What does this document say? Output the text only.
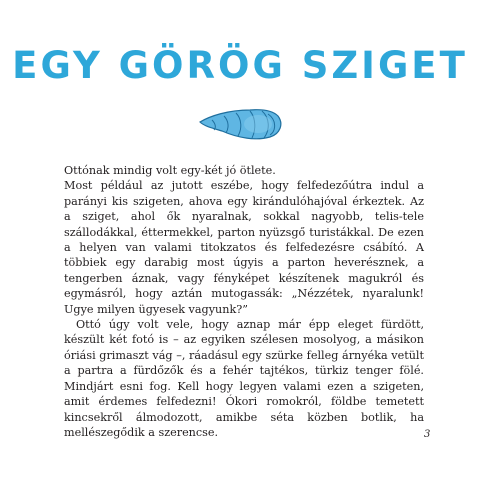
EGY GÖRÖG SZIGET

Ottónak mindig volt egy-két jó ötlete.

Most például az jutott eszébe, hogy felfedezőútra indul a parányi kis szigeten, ahova egy kirándulóhajóval érkeztek. Az a sziget, ahol ők nyaralnak, sokkal nagyobb, telis-tele szállodákkal, éttermekkel, parton nyüzsgő turistákkal. De ezen a helyen van valami titokzatos és felfedezésre csábító. A többiek egy darabig most úgyis a parton heverésznek, a tengerben áznak, vagy fényképet készítenek magukról és egymásról, hogy aztán mutogassák: „Nézzétek, nyaralunk! Ugye milyen ügyesek vagyunk?”

Ottó úgy volt vele, hogy aznap már épp eleget fürdött, készült két fotó is – az egyiken szélesen mosolyog, a másikon óriási grimaszt vág –, ráadásul egy szürke felleg árnyéka vetült a partra a fürdőzők és a fehér tajtékos, türkiz tenger fölé. Mindjárt esni fog. Kell hogy legyen valami ezen a szigeten, amit érdemes felfedezni! Ókori romokról, földbe temetett kincsekről álmodozott, amikbe séta közben botlik, ha mellészegődik a szerencse.	3
